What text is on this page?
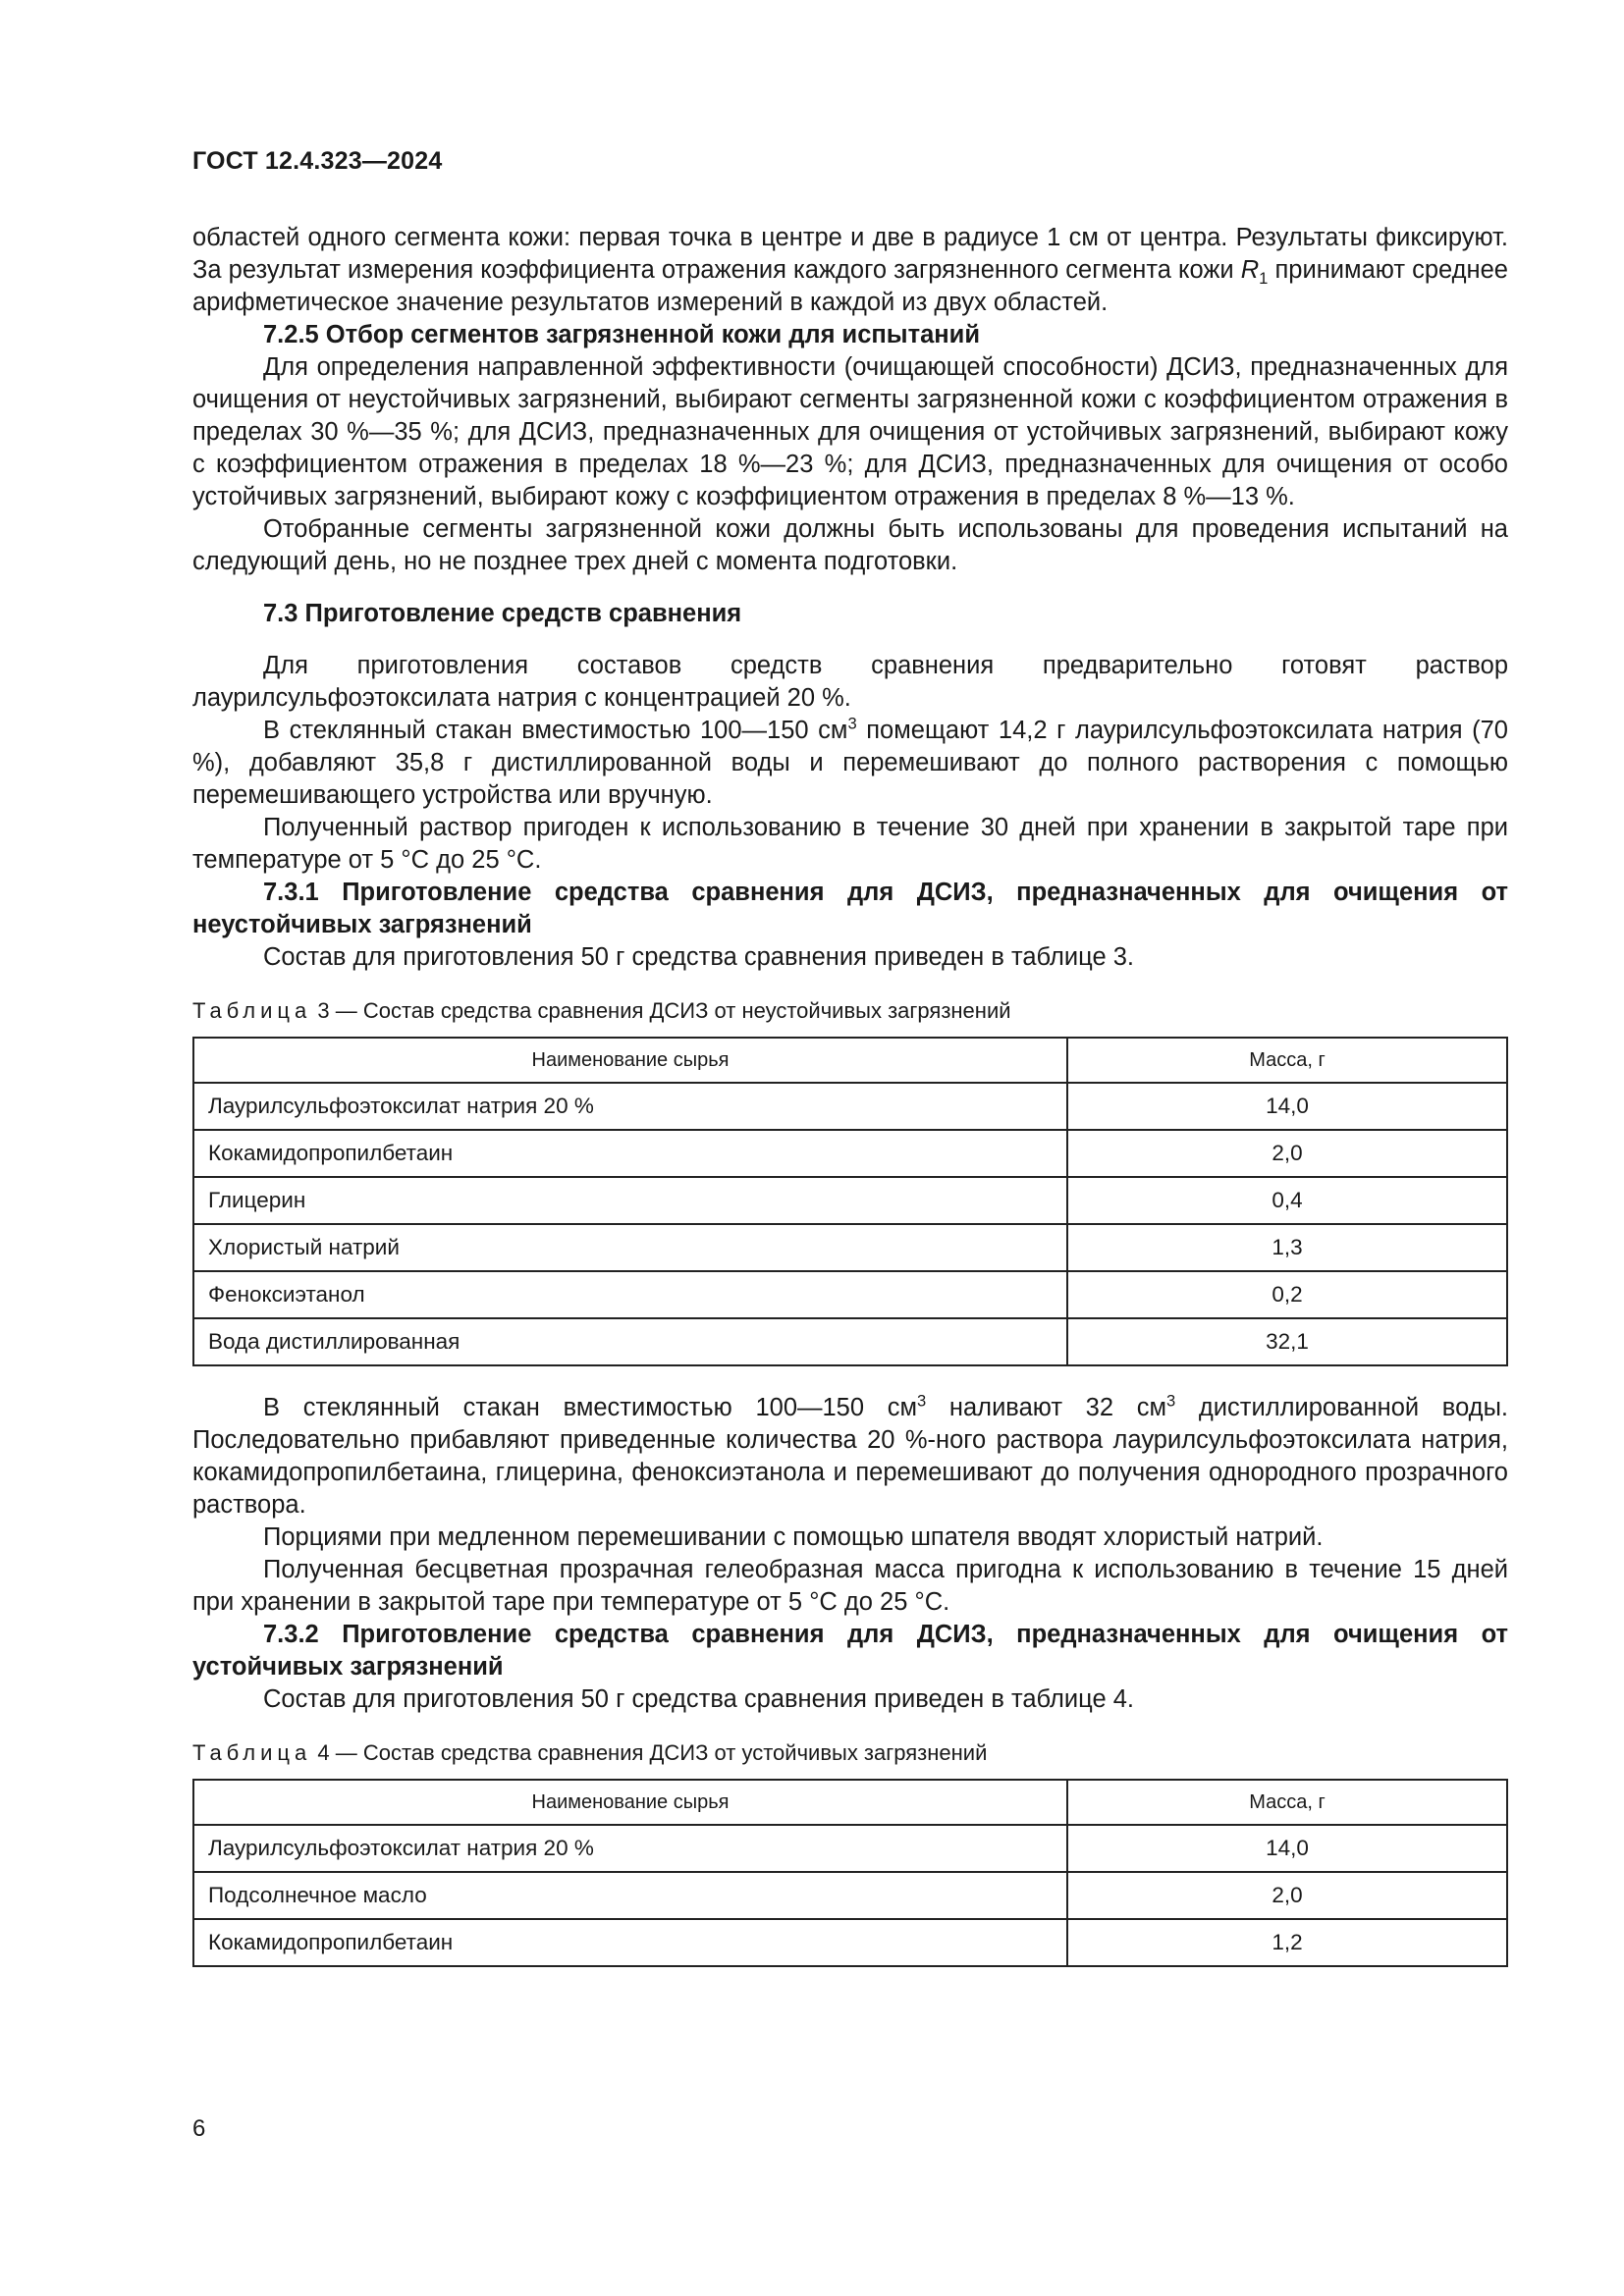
ГОСТ 12.4.323—2024

областей одного сегмента кожи: первая точка в центре и две в радиусе 1 см от центра. Результаты фиксируют. За результат измерения коэффициента отражения каждого загрязненного сегмента кожи $R_1$ принимают среднее арифметическое значение результатов измерений в каждой из двух областей.

7.2.5 Отбор сегментов загрязненной кожи для испытаний

Для определения направленной эффективности (очищающей способности) ДСИЗ, предназначенных для очищения от неустойчивых загрязнений, выбирают сегменты загрязненной кожи с коэффициентом отражения в пределах 30 %—35 %; для ДСИЗ, предназначенных для очищения от устойчивых загрязнений, выбирают кожу с коэффициентом отражения в пределах 18 %—23 %; для ДСИЗ, предназначенных для очищения от особо устойчивых загрязнений, выбирают кожу с коэффициентом отражения в пределах 8 %—13 %.

Отобранные сегменты загрязненной кожи должны быть использованы для проведения испытаний на следующий день, но не позднее трех дней с момента подготовки.

7.3 Приготовление средств сравнения

Для приготовления составов средств сравнения предварительно готовят раствор лаурилсульфоэтоксилата натрия с концентрацией 20 %.

В стеклянный стакан вместимостью 100—150 $см^3$ помещают 14,2 г лаурилсульфоэтоксилата натрия (70 %), добавляют 35,8 г дистиллированной воды и перемешивают до полного растворения с помощью перемешивающего устройства или вручную.

Полученный раствор пригоден к использованию в течение 30 дней при хранении в закрытой таре при температуре от 5 °С до 25 °С.

7.3.1 Приготовление средства сравнения для ДСИЗ, предназначенных для очищения от неустойчивых загрязнений

Состав для приготовления 50 г средства сравнения приведен в таблице 3.

Таблица 3 — Состав средства сравнения ДСИЗ от неустойчивых загрязнений
Наименование сырья	Масса, г
Лаурилсульфоэтоксилат натрия 20 %	14,0
Кокамидопропилбетаин	2,0
Глицерин	0,4
Хлористый натрий	1,3
Феноксиэтанол	0,2
Вода дистиллированная	32,1

В стеклянный стакан вместимостью 100—150 $см^3$ наливают 32 $см^3$ дистиллированной воды. Последовательно прибавляют приведенные количества 20 %-ного раствора лаурилсульфоэтоксилата натрия, кокамидопропилбетаина, глицерина, феноксиэтанола и перемешивают до получения однородного прозрачного раствора.

Порциями при медленном перемешивании с помощью шпателя вводят хлористый натрий.

Полученная бесцветная прозрачная гелеобразная масса пригодна к использованию в течение 15 дней при хранении в закрытой таре при температуре от 5 °С до 25 °С.

7.3.2 Приготовление средства сравнения для ДСИЗ, предназначенных для очищения от устойчивых загрязнений

Состав для приготовления 50 г средства сравнения приведен в таблице 4.

Таблица 4 — Состав средства сравнения ДСИЗ от устойчивых загрязнений
Наименование сырья	Масса, г
Лаурилсульфоэтоксилат натрия 20 %	14,0
Подсолнечное масло	2,0
Кокамидопропилбетаин	1,2
6
